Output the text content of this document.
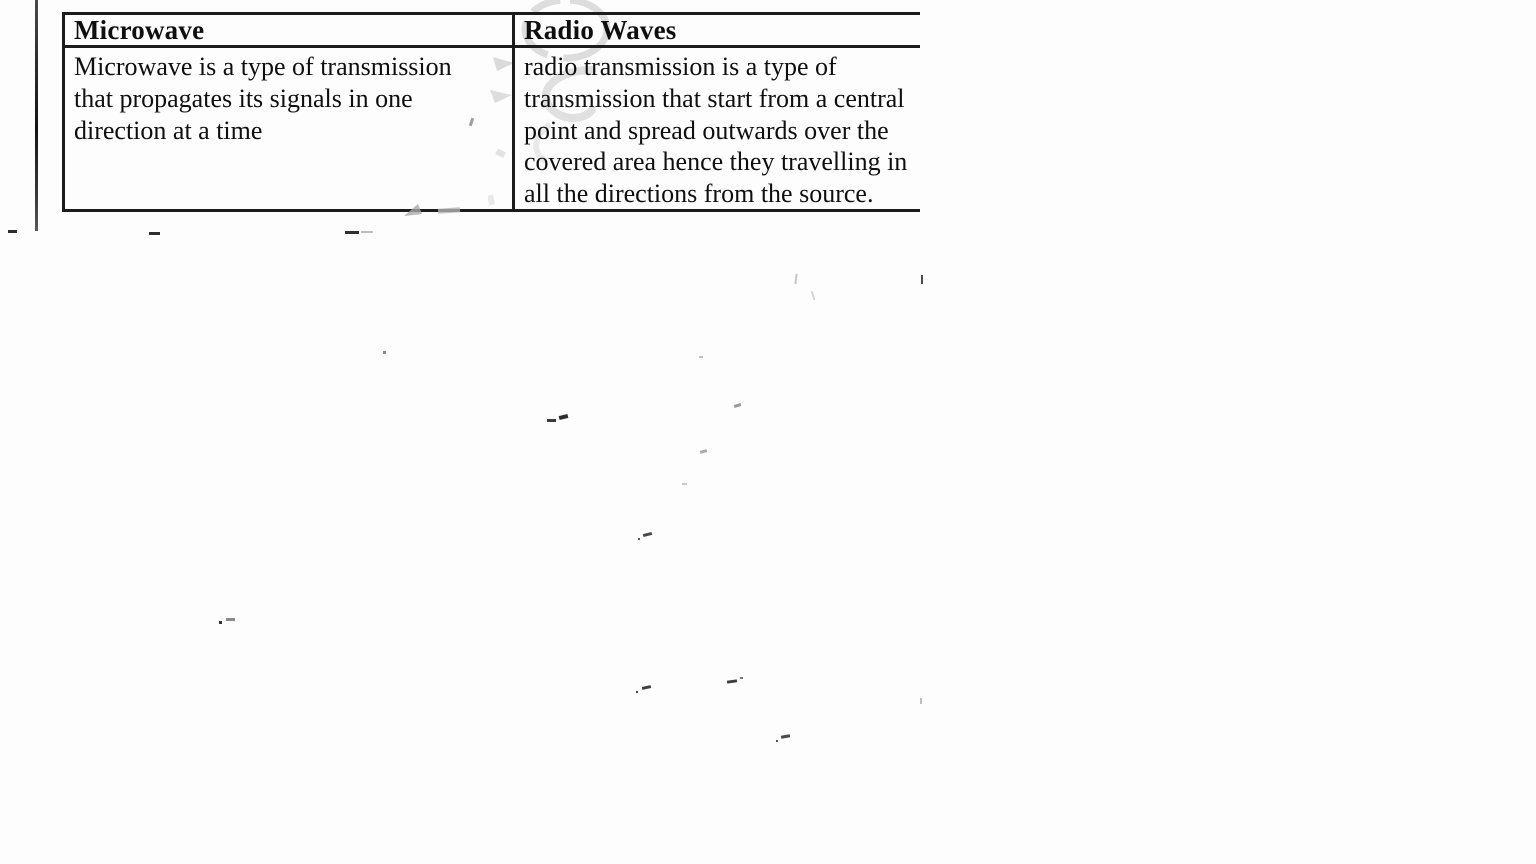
Microwave
Microwave is a type of transmission
that propagates its signals in one
direction at a time
Radio Waves
radio transmission is a type of
transmission that start from a central
point and spread outwards over the
covered area hence they travelling in
all the directions from the source.
